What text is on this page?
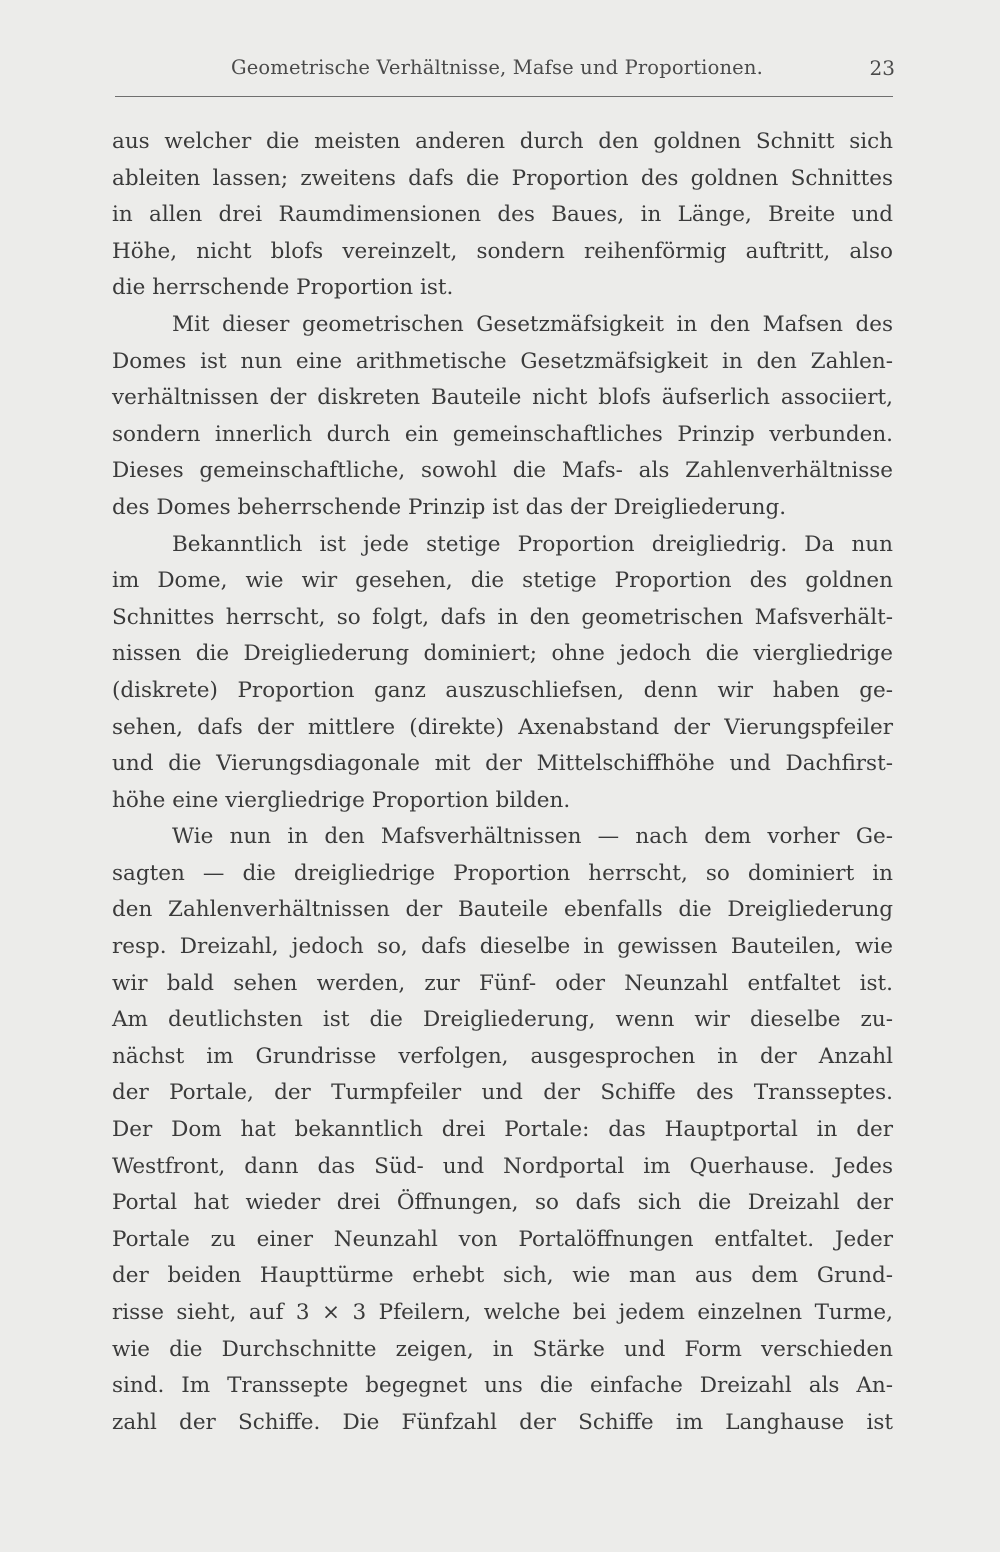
Geometrische Verhältnisse, Mafse und Proportionen.	23
aus welcher die meisten anderen durch den goldnen Schnitt sich
ableiten lassen; zweitens dafs die Proportion des goldnen Schnittes
in allen drei Raumdimensionen des Baues, in Länge, Breite und
Höhe, nicht blofs vereinzelt, sondern reihenförmig auftritt, also
die herrschende Proportion ist.
Mit dieser geometrischen Gesetzmäfsigkeit in den Mafsen des
Domes ist nun eine arithmetische Gesetzmäfsigkeit in den Zahlen-
verhältnissen der diskreten Bauteile nicht blofs äufserlich associiert,
sondern innerlich durch ein gemeinschaftliches Prinzip verbunden.
Dieses gemeinschaftliche, sowohl die Mafs- als Zahlenverhältnisse
des Domes beherrschende Prinzip ist das der Dreigliederung.
Bekanntlich ist jede stetige Proportion dreigliedrig. Da nun
im Dome, wie wir gesehen, die stetige Proportion des goldnen
Schnittes herrscht, so folgt, dafs in den geometrischen Mafsverhält-
nissen die Dreigliederung dominiert; ohne jedoch die viergliedrige
(diskrete) Proportion ganz auszuschliefsen, denn wir haben ge-
sehen, dafs der mittlere (direkte) Axenabstand der Vierungspfeiler
und die Vierungsdiagonale mit der Mittelschiffhöhe und Dachfirst-
höhe eine viergliedrige Proportion bilden.
Wie nun in den Mafsverhältnissen — nach dem vorher Ge-
sagten — die dreigliedrige Proportion herrscht, so dominiert in
den Zahlenverhältnissen der Bauteile ebenfalls die Dreigliederung
resp. Dreizahl, jedoch so, dafs dieselbe in gewissen Bauteilen, wie
wir bald sehen werden, zur Fünf- oder Neunzahl entfaltet ist.
Am deutlichsten ist die Dreigliederung, wenn wir dieselbe zu-
nächst im Grundrisse verfolgen, ausgesprochen in der Anzahl
der Portale, der Turmpfeiler und der Schiffe des Transseptes.
Der Dom hat bekanntlich drei Portale: das Hauptportal in der
Westfront, dann das Süd- und Nordportal im Querhause. Jedes
Portal hat wieder drei Öffnungen, so dafs sich die Dreizahl der
Portale zu einer Neunzahl von Portalöffnungen entfaltet. Jeder
der beiden Haupttürme erhebt sich, wie man aus dem Grund-
risse sieht, auf 3 × 3 Pfeilern, welche bei jedem einzelnen Turme,
wie die Durchschnitte zeigen, in Stärke und Form verschieden
sind. Im Transsepte begegnet uns die einfache Dreizahl als An-
zahl der Schiffe. Die Fünfzahl der Schiffe im Langhause ist
